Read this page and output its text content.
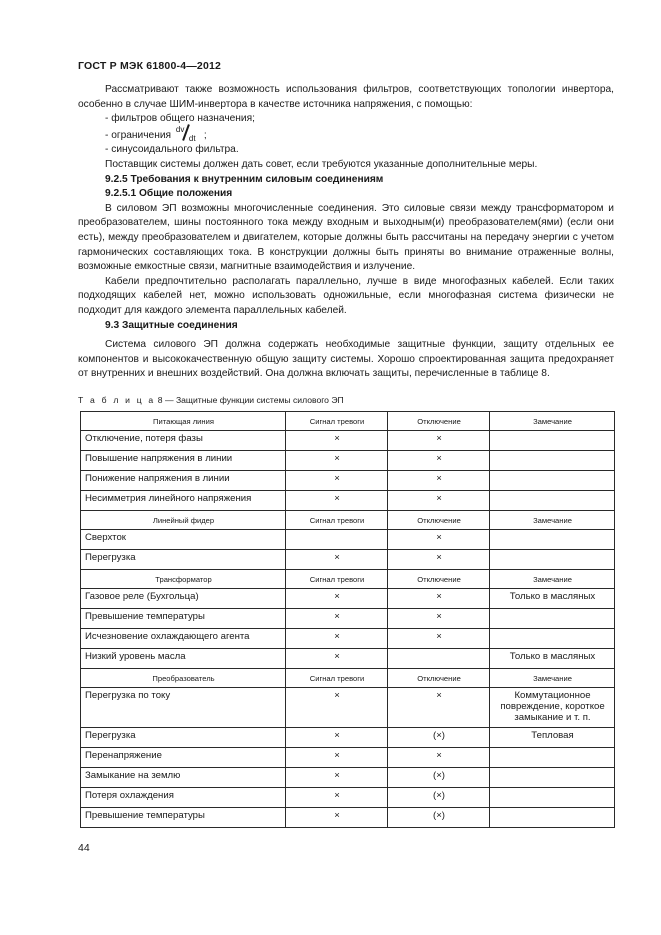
ГОСТ Р МЭК 61800-4—2012

Рассматривают также возможность использования фильтров, соответствующих топологии инвертора, особенно в случае ШИМ-инвертора в качестве источника напряжения, с помощью:

- фильтров общего назначения;

- ограничения
dv
dt ;

- синусоидального фильтра.

Поставщик системы должен дать совет, если требуются указанные дополнительные меры.

9.2.5 Требования к внутренним силовым соединениям

9.2.5.1 Общие положения

В силовом ЭП возможны многочисленные соединения. Это силовые связи между трансформатором и преобразователем, шины постоянного тока между входным и выходным(и) преобразователем(ями) (если они есть), между преобразователем и двигателем, которые должны быть рассчитаны на передачу энергии с учетом гармонических составляющих тока. В конструкции должны быть приняты во внимание отраженные волны, возможные емкостные связи, магнитные взаимодействия и излучение.

Кабели предпочтительно располагать параллельно, лучше в виде многофазных кабелей. Если таких подходящих кабелей нет, можно использовать одножильные, если многофазная система физически не подходит для каждого элемента параллельных кабелей.

9.3 Защитные соединения

Система силового ЭП должна содержать необходимые защитные функции, защиту отдельных ее компонентов и высококачественную общую защиту системы. Хорошо спроектированная защита предохраняет от внутренних и внешних воздействий. Она должна включать защиты, перечисленные в таблице 8.

Т а б л и ц а 8 — Защитные функции системы силового ЭП
Питающая линия	Сигнал тревоги	Отключение	Замечание
Отключение, потеря фазы	×	×	
Повышение напряжения в линии	×	×	
Понижение напряжения в линии	×	×	
Несимметрия линейного напряжения	×	×	
Линейный фидер	Сигнал тревоги	Отключение	Замечание
Сверхток		×	
Перегрузка	×	×	
Трансформатор	Сигнал тревоги	Отключение	Замечание
Газовое реле (Бухгольца)	×	×	Только в масляных
Превышение температуры	×	×	
Исчезновение охлаждающего агента	×	×	
Низкий уровень масла	×		Только в масляных
Преобразователь	Сигнал тревоги	Отключение	Замечание
Перегрузка по току	×	×	Коммутационное повреждение, короткое замыкание и т. п.
Перегрузка	×	(×)	Тепловая
Перенапряжение	×	×	
Замыкание на землю	×	(×)	
Потеря охлаждения	×	(×)	
Превышение температуры	×	(×)	
44
